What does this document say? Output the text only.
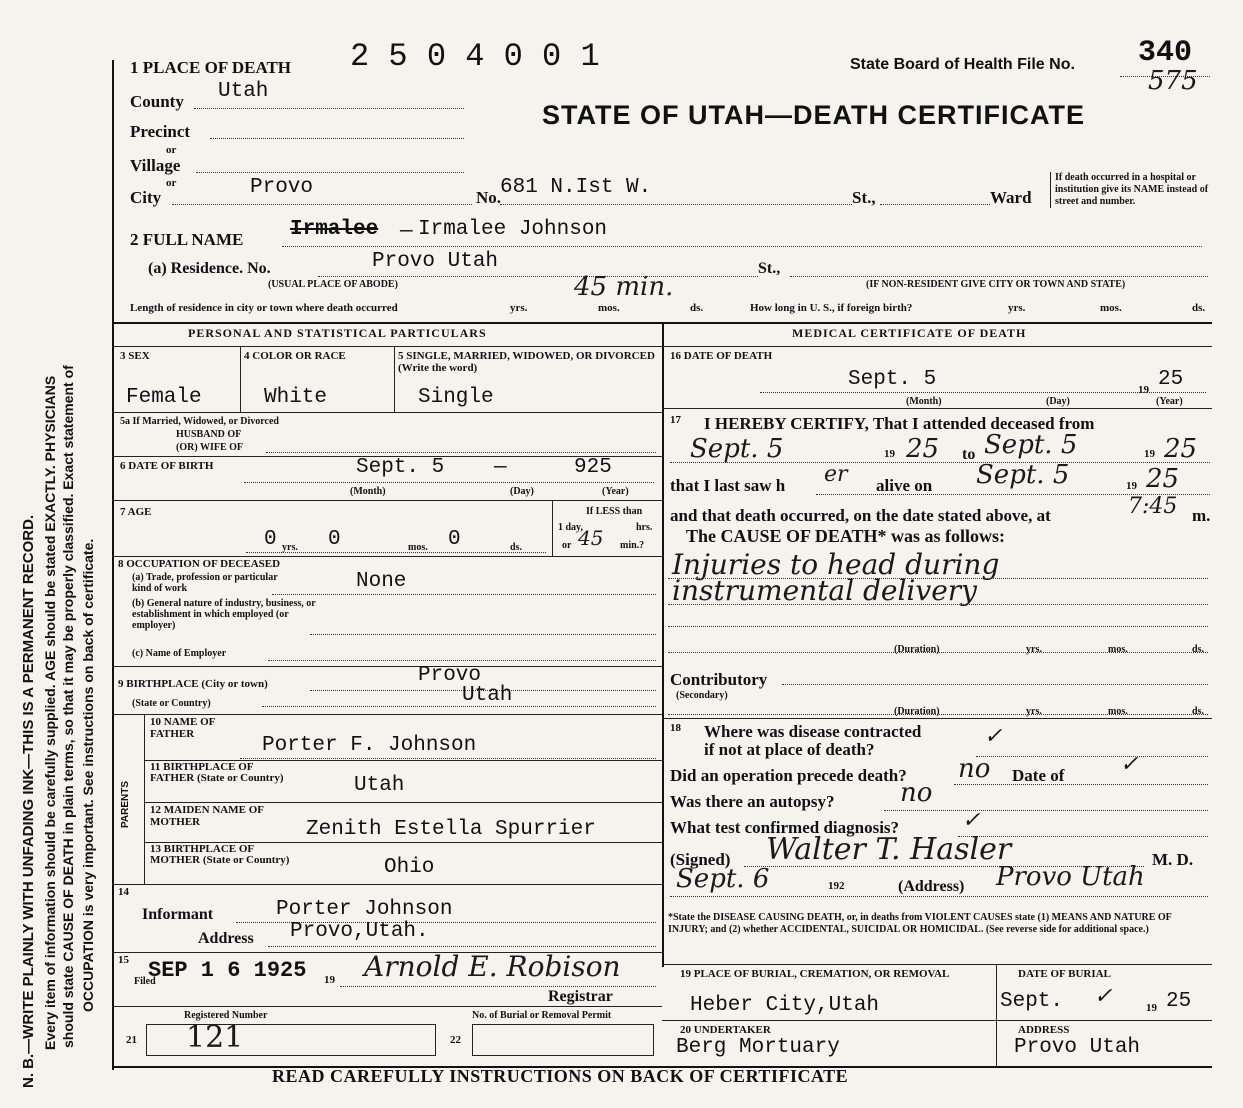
N. B.—WRITE PLAINLY WITH UNFADING INK—THIS IS A PERMANENT RECORD. Every item of information should be carefully supplied. AGE should be stated EXACTLY. PHYSICIANS should state CAUSE OF DEATH in plain terms, so that it may be properly classified. Exact statement of OCCUPATION is very important. See instructions on back of certificate.
1 PLACE OF DEATH 2 5 0 4 0 0 1	State Board of Health File No. 340
575
STATE OF UTAH—DEATH CERTIFICATE
County Utah
Precinct
or
Village
or
City	Provo	No.
681 N.Ist W.	St.,	Ward
If death occurred in a hospital or institution give its NAME instead of street and number.
2 FULL NAME Irmalee — Irmalee Johnson
(a) Residence. No.
(USUAL PLACE OF ABODE)
Provo Utah	St.,
(IF NON-RESIDENT GIVE CITY OR TOWN AND STATE)
Length of residence in city or town where death occurred
45 min.
yrs.	mos.	ds.	How long in U. S., if foreign birth?	yrs.	mos.	ds.
PERSONAL AND STATISTICAL PARTICULARS	MEDICAL CERTIFICATE OF DEATH
3 SEX
Female
4 COLOR OR RACE
White
5 SINGLE, MARRIED, WIDOWED, OR DIVORCED (Write the word)
Single
5a If Married, Widowed, or Divorced
HUSBAND OF
(OR) WIFE OF
6 DATE OF BIRTH	Sept. 5 —	925
(Month)	(Day)	(Year)
7 AGE
0 yrs. 0	mos. 0	ds.
If LESS than
1 day,	hrs.
or 45 min.?
8 OCCUPATION OF DECEASED
(a) Trade, profession or particular kind of work	None
(b) General nature of industry, business, or establishment in which employed (or employer)
(c) Name of Employer
9 BIRTHPLACE (City or town)
(State or Country)
Provo
Utah
PARENTS
10 NAME OF FATHER	Porter F. Johnson
11 BIRTHPLACE OF FATHER (State or Country)	Utah
12 MAIDEN NAME OF MOTHER	Zenith Estella Spurrier
13 BIRTHPLACE OF MOTHER (State or Country)	Ohio
14
Informant	Porter Johnson
Address Provo,Utah.
15
Filed
SEP 1 6 1925 19 Arnold E. Robison
Registrar
Registered Number
21 121
No. of Burial or Removal Permit
22
16 DATE OF DEATH
Sept. 5	19 25
(Month)	(Day)	(Year)
17 I HEREBY CERTIFY, That I attended deceased from
Sept. 5	19 25 to Sept. 5	19 25
that I last saw h er alive on Sept. 5	19 25
and that death occurred, on the date stated above, at	7:45 m.
The CAUSE OF DEATH* was as follows:
Injuries to head during
instrumental delivery
(Duration)	yrs.	mos.	ds.
Contributory
(Secondary)
(Duration)	yrs.	mos.	ds.
18 Where was disease contracted
if not at place of death?
✓
Did an operation precede death? no Date of	✓
Was there an autopsy?	no
What test confirmed diagnosis?	✓
(Signed) Walter T. Hasler	M. D.
Sept. 6	192	(Address) Provo Utah
*State the DISEASE CAUSING DEATH, or, in deaths from VIOLENT CAUSES state (1) MEANS AND NATURE OF INJURY; and (2) whether ACCIDENTAL, SUICIDAL OR HOMICIDAL. (See reverse side for additional space.)
19 PLACE OF BURIAL, CREMATION, OR REMOVAL	DATE OF BURIAL
Heber City,Utah	Sept. ✓	19 25
20 UNDERTAKER
Berg Mortuary
ADDRESS
Provo Utah
READ CAREFULLY INSTRUCTIONS ON BACK OF CERTIFICATE
